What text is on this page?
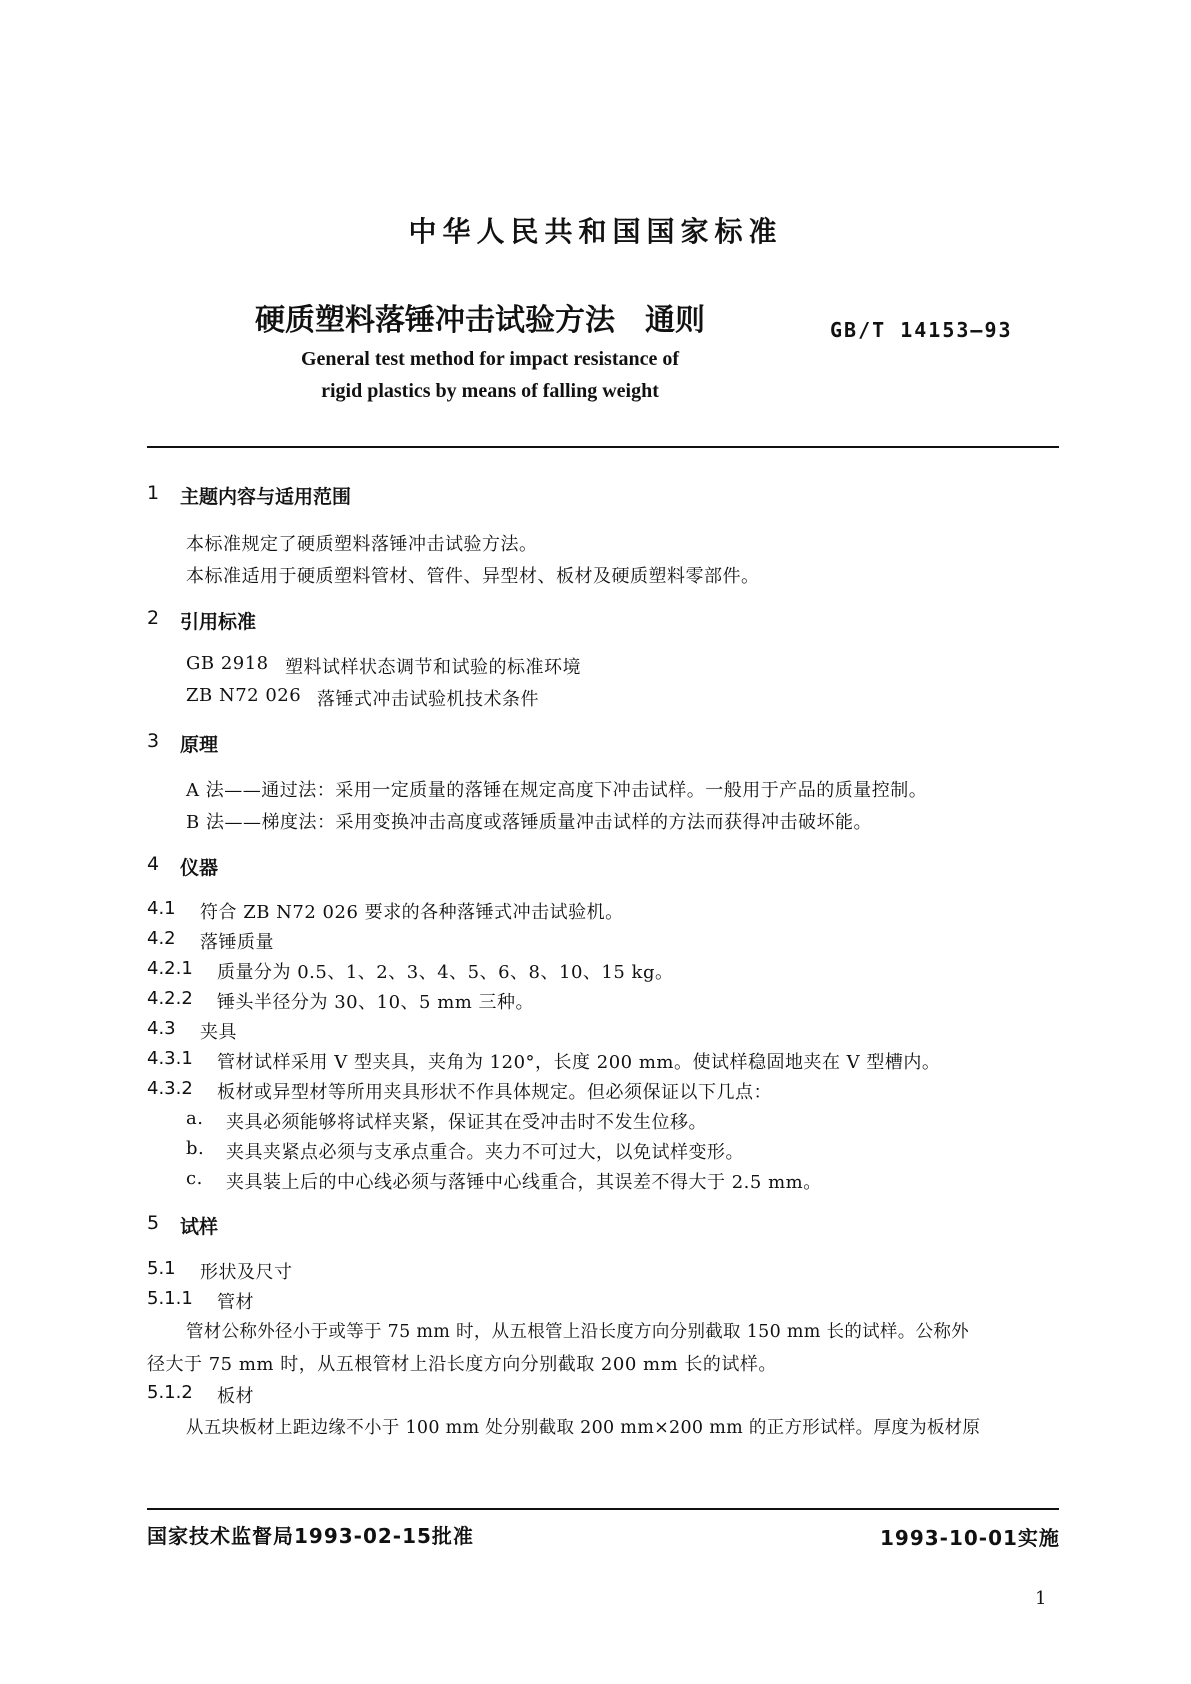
中华人民共和国国家标准
硬质塑料落锤冲击试验方法　通则	GB/T 14153—93
General test method for impact resistance of
rigid plastics by means of falling weight
1 主题内容与适用范围
本标准规定了硬质塑料落锤冲击试验方法。
本标准适用于硬质塑料管材、管件、异型材、板材及硬质塑料零部件。
2 引用标准
GB 2918 塑料试样状态调节和试验的标准环境
ZB N72 026 落锤式冲击试验机技术条件
3 原理
A 法——通过法：采用一定质量的落锤在规定高度下冲击试样。一般用于产品的质量控制。
B 法——梯度法：采用变换冲击高度或落锤质量冲击试样的方法而获得冲击破坏能。
4 仪器
4.1 符合 ZB N72 026 要求的各种落锤式冲击试验机。
4.2 落锤质量
4.2.1 质量分为 0.5、1、2、3、4、5、6、8、10、15 kg。
4.2.2 锤头半径分为 30、10、5 mm 三种。
4.3 夹具
4.3.1 管材试样采用 V 型夹具，夹角为 120°，长度 200 mm。使试样稳固地夹在 V 型槽内。
4.3.2 板材或异型材等所用夹具形状不作具体规定。但必须保证以下几点：
a. 夹具必须能够将试样夹紧，保证其在受冲击时不发生位移。
b. 夹具夹紧点必须与支承点重合。夹力不可过大，以免试样变形。
c. 夹具装上后的中心线必须与落锤中心线重合，其误差不得大于 2.5 mm。
5 试样
5.1 形状及尺寸
5.1.1 管材
管材公称外径小于或等于 75 mm 时，从五根管上沿长度方向分别截取 150 mm 长的试样。公称外
径大于 75 mm 时，从五根管材上沿长度方向分别截取 200 mm 长的试样。
5.1.2 板材
从五块板材上距边缘不小于 100 mm 处分别截取 200 mm×200 mm 的正方形试样。厚度为板材原
国家技术监督局1993-02-15批准	1993-10-01实施
1
